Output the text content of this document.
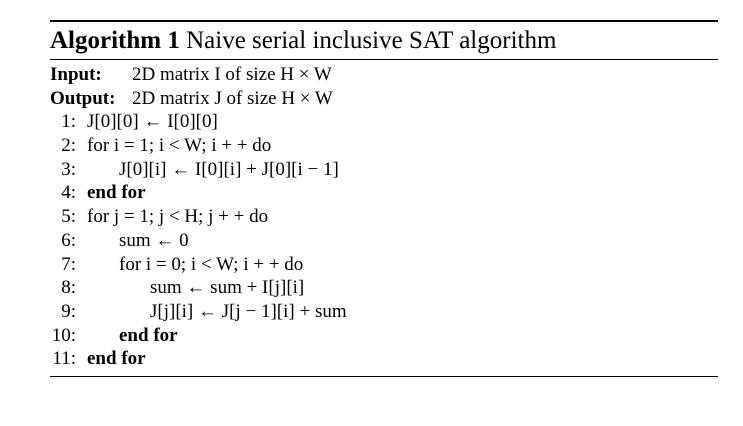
Algorithm 1 Naive serial inclusive SAT algorithm
Input: 2D matrix I of size H × W
Output: 2D matrix J of size H × W
1: J[0][0] ← I[0][0]
2: for i = 1; i < W; i + + do
3: J[0][i] ← I[0][i] + J[0][i − 1]
4: end for
5: for j = 1; j < H; j + + do
6: sum ← 0
7: for i = 0; i < W; i + + do
8:	sum ← sum + I[j][i]
9:	J[j][i] ← J[j − 1][i] + sum
10: end for
11: end for
